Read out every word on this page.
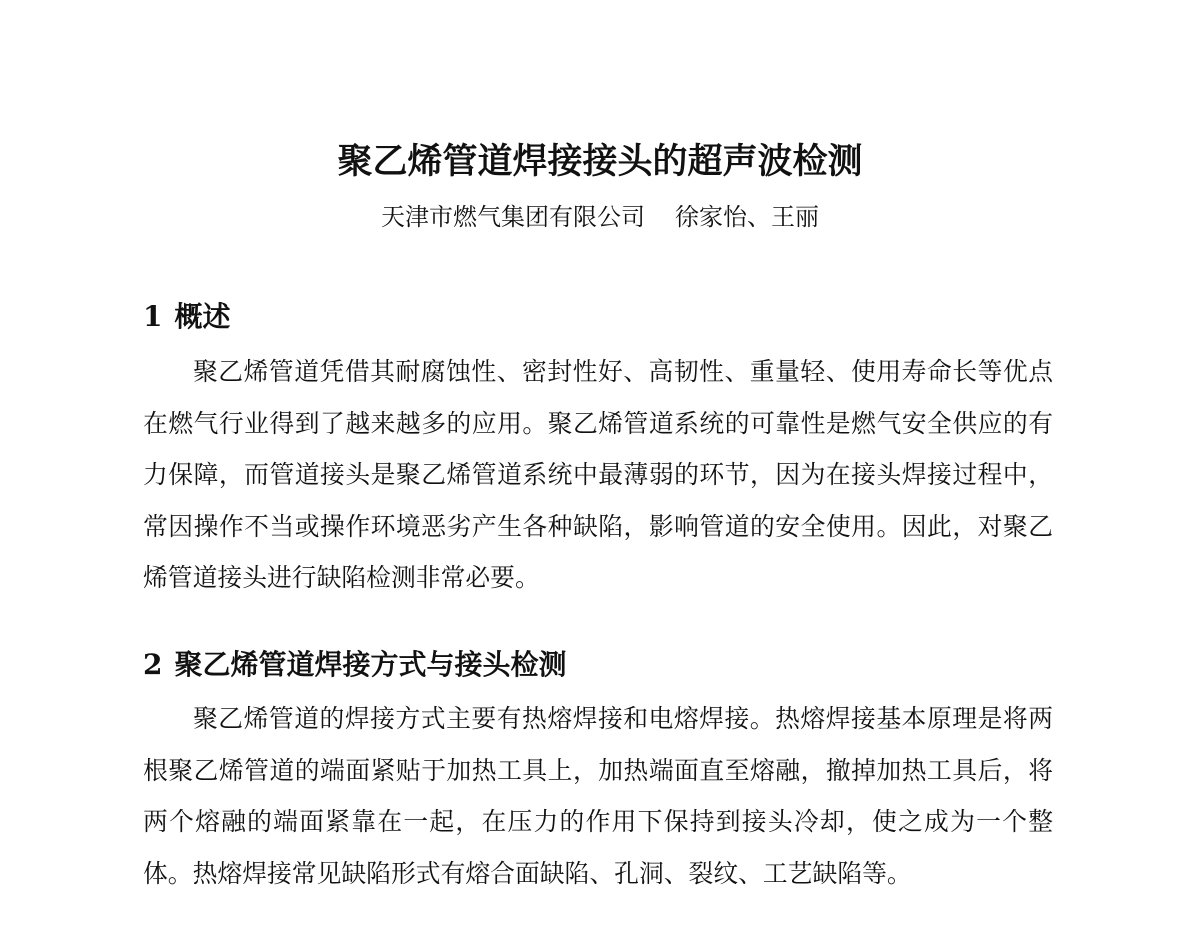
聚乙烯管道焊接接头的超声波检测
天津市燃气集团有限公司 徐家怡、王丽
1 概述
聚乙烯管道凭借其耐腐蚀性、密封性好、高韧性、重量轻、使用寿命长等优点在燃气行业得到了越来越多的应用。聚乙烯管道系统的可靠性是燃气安全供应的有力保障，而管道接头是聚乙烯管道系统中最薄弱的环节，因为在接头焊接过程中，常因操作不当或操作环境恶劣产生各种缺陷，影响管道的安全使用。因此，对聚乙烯管道接头进行缺陷检测非常必要。
2 聚乙烯管道焊接方式与接头检测
聚乙烯管道的焊接方式主要有热熔焊接和电熔焊接。热熔焊接基本原理是将两根聚乙烯管道的端面紧贴于加热工具上，加热端面直至熔融，撤掉加热工具后，将两个熔融的端面紧靠在一起，在压力的作用下保持到接头冷却，使之成为一个整体。热熔焊接常见缺陷形式有熔合面缺陷、孔洞、裂纹、工艺缺陷等。
